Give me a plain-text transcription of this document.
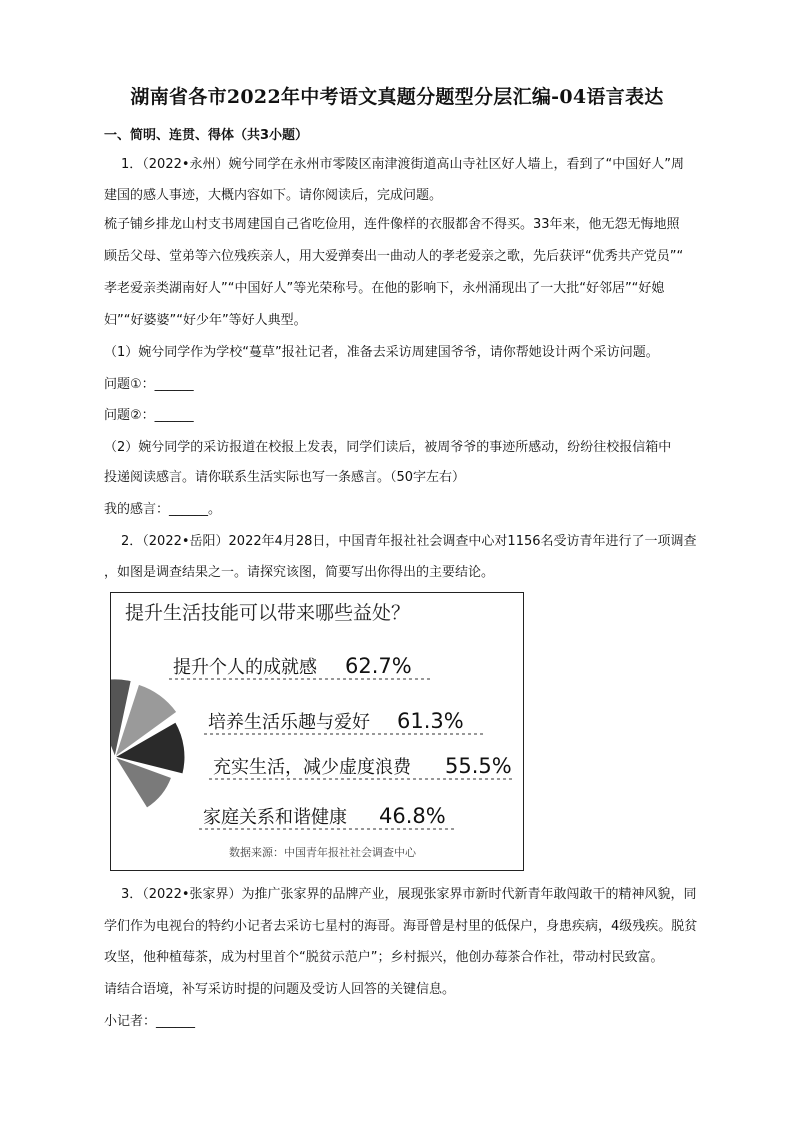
湖南省各市2022年中考语文真题分题型分层汇编-04语言表达
一、简明、连贯、得体（共3小题）
1．（2022•永州）婉兮同学在永州市零陵区南津渡街道高山寺社区好人墙上，看到了“中国好人”周
建国的感人事迹，大概内容如下。请你阅读后，完成问题。
梳子铺乡排龙山村支书周建国自己省吃俭用，连件像样的衣服都舍不得买。33年来，他无怨无悔地照
顾岳父母、堂弟等六位残疾亲人，用大爱弹奏出一曲动人的孝老爱亲之歌，先后获评“优秀共产党员”“
孝老爱亲类湖南好人”“中国好人”等光荣称号。在他的影响下，永州涌现出了一大批“好邻居”“好媳
妇”“好婆婆”“好少年”等好人典型。
（1）婉兮同学作为学校“蔓草”报社记者，准备去采访周建国爷爷，请你帮她设计两个采访问题。
问题①：______
问题②：______
（2）婉兮同学的采访报道在校报上发表，同学们读后，被周爷爷的事迹所感动，纷纷往校报信箱中
投递阅读感言。请你联系生活实际也写一条感言。（50字左右）
我的感言：______。
2．（2022•岳阳）2022年4月28日，中国青年报社社会调查中心对1156名受访青年进行了一项调查
，如图是调查结果之一。请探究该图，简要写出你得出的主要结论。
提升生活技能可以带来哪些益处？
提升个人的成就感 62.7%
培养生活乐趣与爱好 61.3%
充实生活，减少虚度浪费 55.5%
家庭关系和谐健康 46.8%
数据来源：中国青年报社社会调查中心
3．（2022•张家界）为推广张家界的品牌产业，展现张家界市新时代新青年敢闯敢干的精神风貌，同
学们作为电视台的特约小记者去采访七星村的海哥。海哥曾是村里的低保户，身患疾病，4级残疾。脱贫
攻坚，他种植莓茶，成为村里首个“脱贫示范户”；乡村振兴，他创办莓茶合作社，带动村民致富。
请结合语境，补写采访时提的问题及受访人回答的关键信息。
小记者：______
